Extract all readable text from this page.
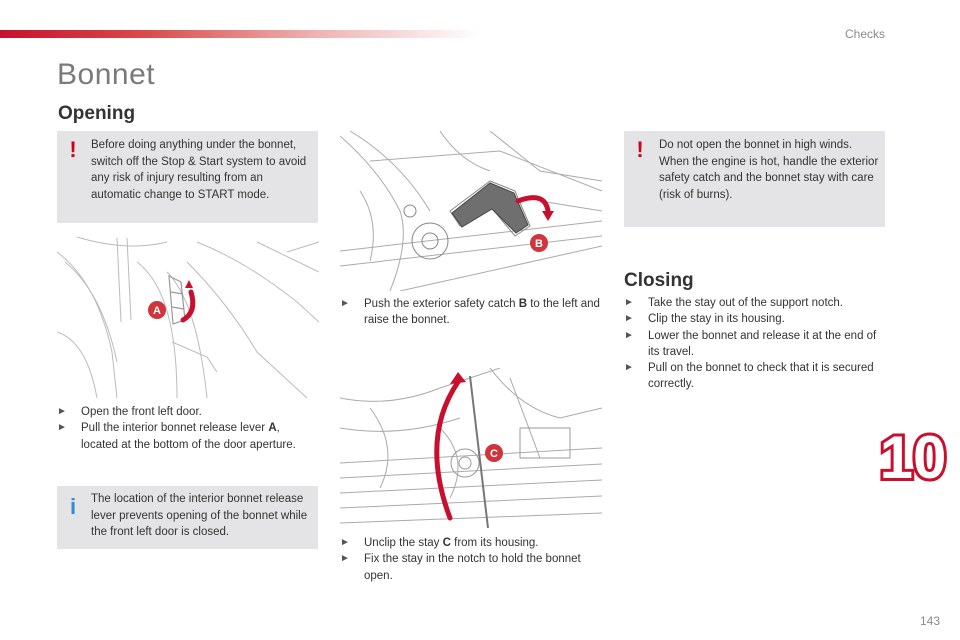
Checks
Bonnet
Opening
! Before doing anything under the bonnet, switch off the Stop & Start system to avoid any risk of injury resulting from an automatic change to START mode.
A
► Open the front left door.
► Pull the interior bonnet release lever A, located at the bottom of the door aperture.
i	The location of the interior bonnet release lever prevents opening of the bonnet while the front left door is closed.
B
► Push the exterior safety catch B to the left and raise the bonnet.
C
► Unclip the stay C from its housing.
► Fix the stay in the notch to hold the bonnet open.
! Do not open the bonnet in high winds. When the engine is hot, handle the exterior safety catch and the bonnet stay with care (risk of burns).
Closing
► Take the stay out of the support notch.
► Clip the stay in its housing.
► Lower the bonnet and release it at the end of its travel.
► Pull on the bonnet to check that it is secured correctly.
10
143
